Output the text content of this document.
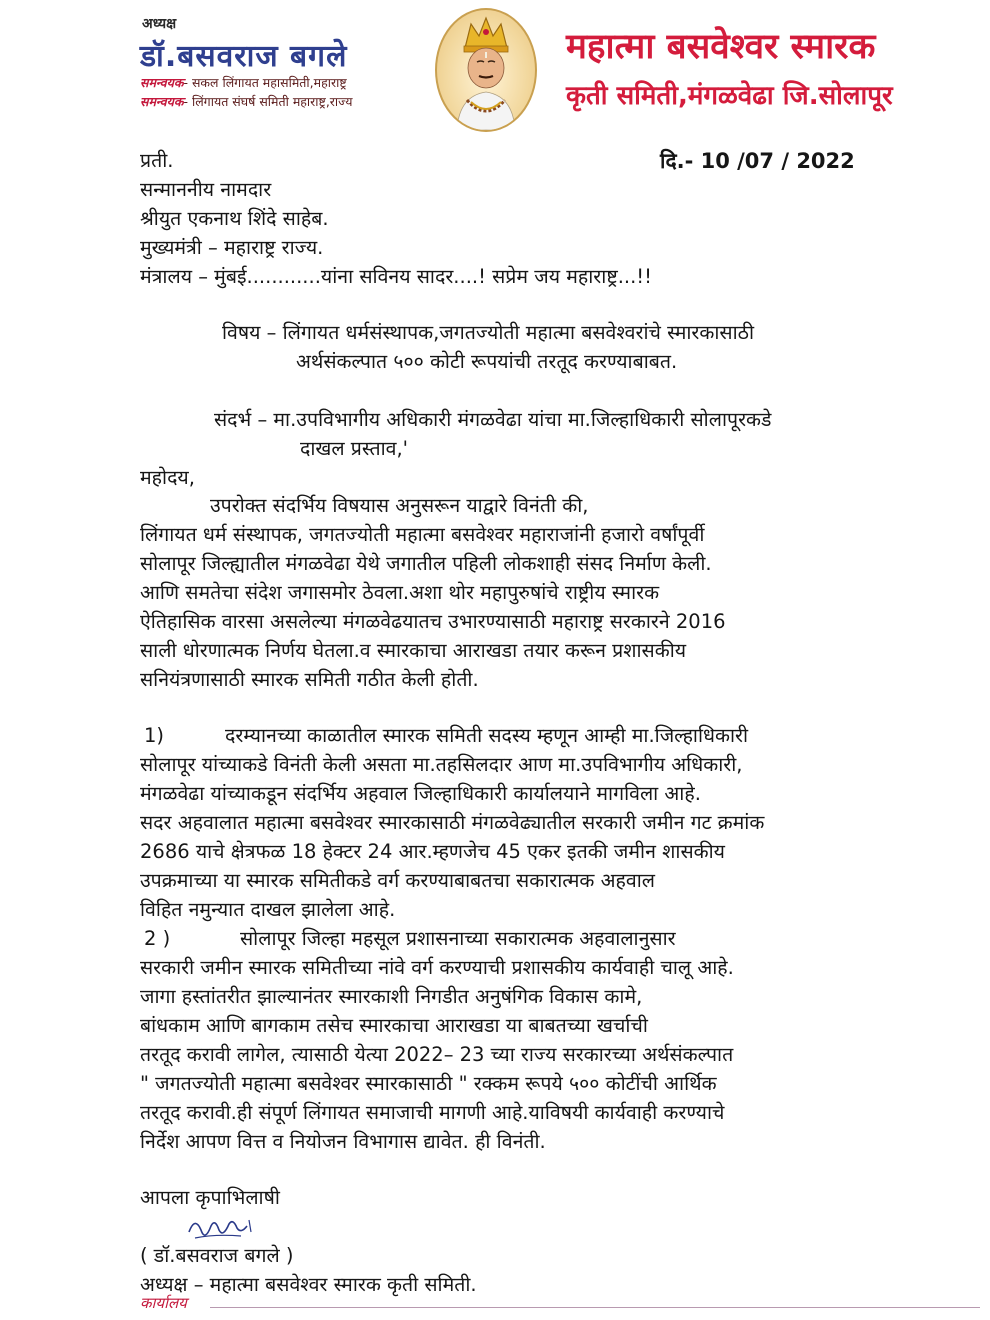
अध्यक्ष
डॉ.बसवराज बगले
समन्वयक- सकल लिंगायत महासमिती,महाराष्ट्र
समन्वयक- लिंगायत संघर्ष समिती महाराष्ट्र,राज्य
महात्मा बसवेश्वर स्मारक
कृती समिती,मंगळवेढा जि.सोलापूर
प्रती.	दि.- 10 /07 / 2022
सन्माननीय नामदार
श्रीयुत एकनाथ शिंदे साहेब.
मुख्यमंत्री – महाराष्ट्र राज्य.
मंत्रालय – मुंबई............यांना सविनय सादर....! सप्रेम जय महाराष्ट्र...!!
विषय – लिंगायत धर्मसंस्थापक,जगतज्योती महात्मा बसवेश्वरांचे स्मारकासाठी
अर्थसंकल्पात ५०० कोटी रूपयांची तरतूद करण्याबाबत.
संदर्भ – मा.उपविभागीय अधिकारी मंगळवेढा यांचा मा.जिल्हाधिकारी सोलापूरकडे
दाखल प्रस्ताव,'
महोदय,
उपरोक्त संदर्भिय विषयास अनुसरून याद्वारे विनंती की,
लिंगायत धर्म संस्थापक, जगतज्योती महात्मा बसवेश्वर महाराजांनी हजारो वर्षांपूर्वी
सोलापूर जिल्ह्यातील मंगळवेढा येथे जगातील पहिली लोकशाही संसद निर्माण केली.
आणि समतेचा संदेश जगासमोर ठेवला.अशा थोर महापुरुषांचे राष्ट्रीय स्मारक
ऐतिहासिक वारसा असलेल्या मंगळवेढयातच उभारण्यासाठी महाराष्ट्र सरकारने 2016
साली धोरणात्मक निर्णय घेतला.व स्मारकाचा आराखडा तयार करून प्रशासकीय
सनियंत्रणासाठी स्मारक समिती गठीत केली होती.
1)	दरम्यानच्या काळातील स्मारक समिती सदस्य म्हणून आम्ही मा.जिल्हाधिकारी
सोलापूर यांच्याकडे विनंती केली असता मा.तहसिलदार आण मा.उपविभागीय अधिकारी,
मंगळवेढा यांच्याकडून संदर्भिय अहवाल जिल्हाधिकारी कार्यालयाने मागविला आहे.
सदर अहवालात महात्मा बसवेश्वर स्मारकासाठी मंगळवेढ्यातील सरकारी जमीन गट क्रमांक
2686 याचे क्षेत्रफळ 18 हेक्टर 24 आर.म्हणजेच 45 एकर इतकी जमीन शासकीय
उपक्रमाच्या या स्मारक समितीकडे वर्ग करण्याबाबतचा सकारात्मक अहवाल
विहित नमुन्यात दाखल झालेला आहे.
2 )	सोलापूर जिल्हा महसूल प्रशासनाच्या सकारात्मक अहवालानुसार
सरकारी जमीन स्मारक समितीच्या नांवे वर्ग करण्याची प्रशासकीय कार्यवाही चालू आहे.
जागा हस्तांतरीत झाल्यानंतर स्मारकाशी निगडीत अनुषंगिक विकास कामे,
बांधकाम आणि बागकाम तसेच स्मारकाचा आराखडा या बाबतच्या खर्चाची
तरतूद करावी लागेल, त्यासाठी येत्या 2022– 23 च्या राज्य सरकारच्या अर्थसंकल्पात
" जगतज्योती महात्मा बसवेश्वर स्मारकासाठी " रक्कम रूपये ५०० कोटींची आर्थिक
तरतूद करावी.ही संपूर्ण लिंगायत समाजाची मागणी आहे.याविषयी कार्यवाही करण्याचे
निर्देश आपण वित्त व नियोजन विभागास द्यावेत. ही विनंती.
आपला कृपाभिलाषी
( डॉ.बसवराज बगले )
अध्यक्ष – महात्मा बसवेश्वर स्मारक कृती समिती.
कार्यालय
